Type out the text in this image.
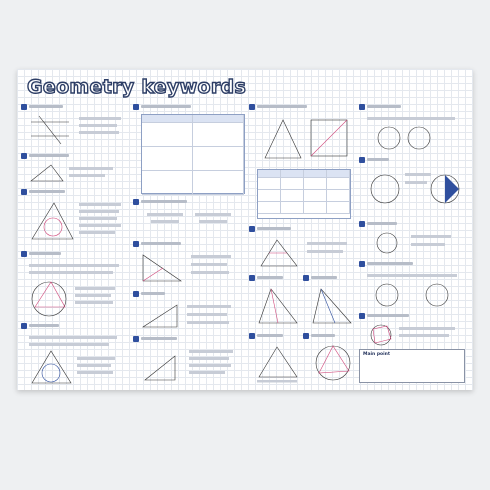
Geometry keywords
Main point
